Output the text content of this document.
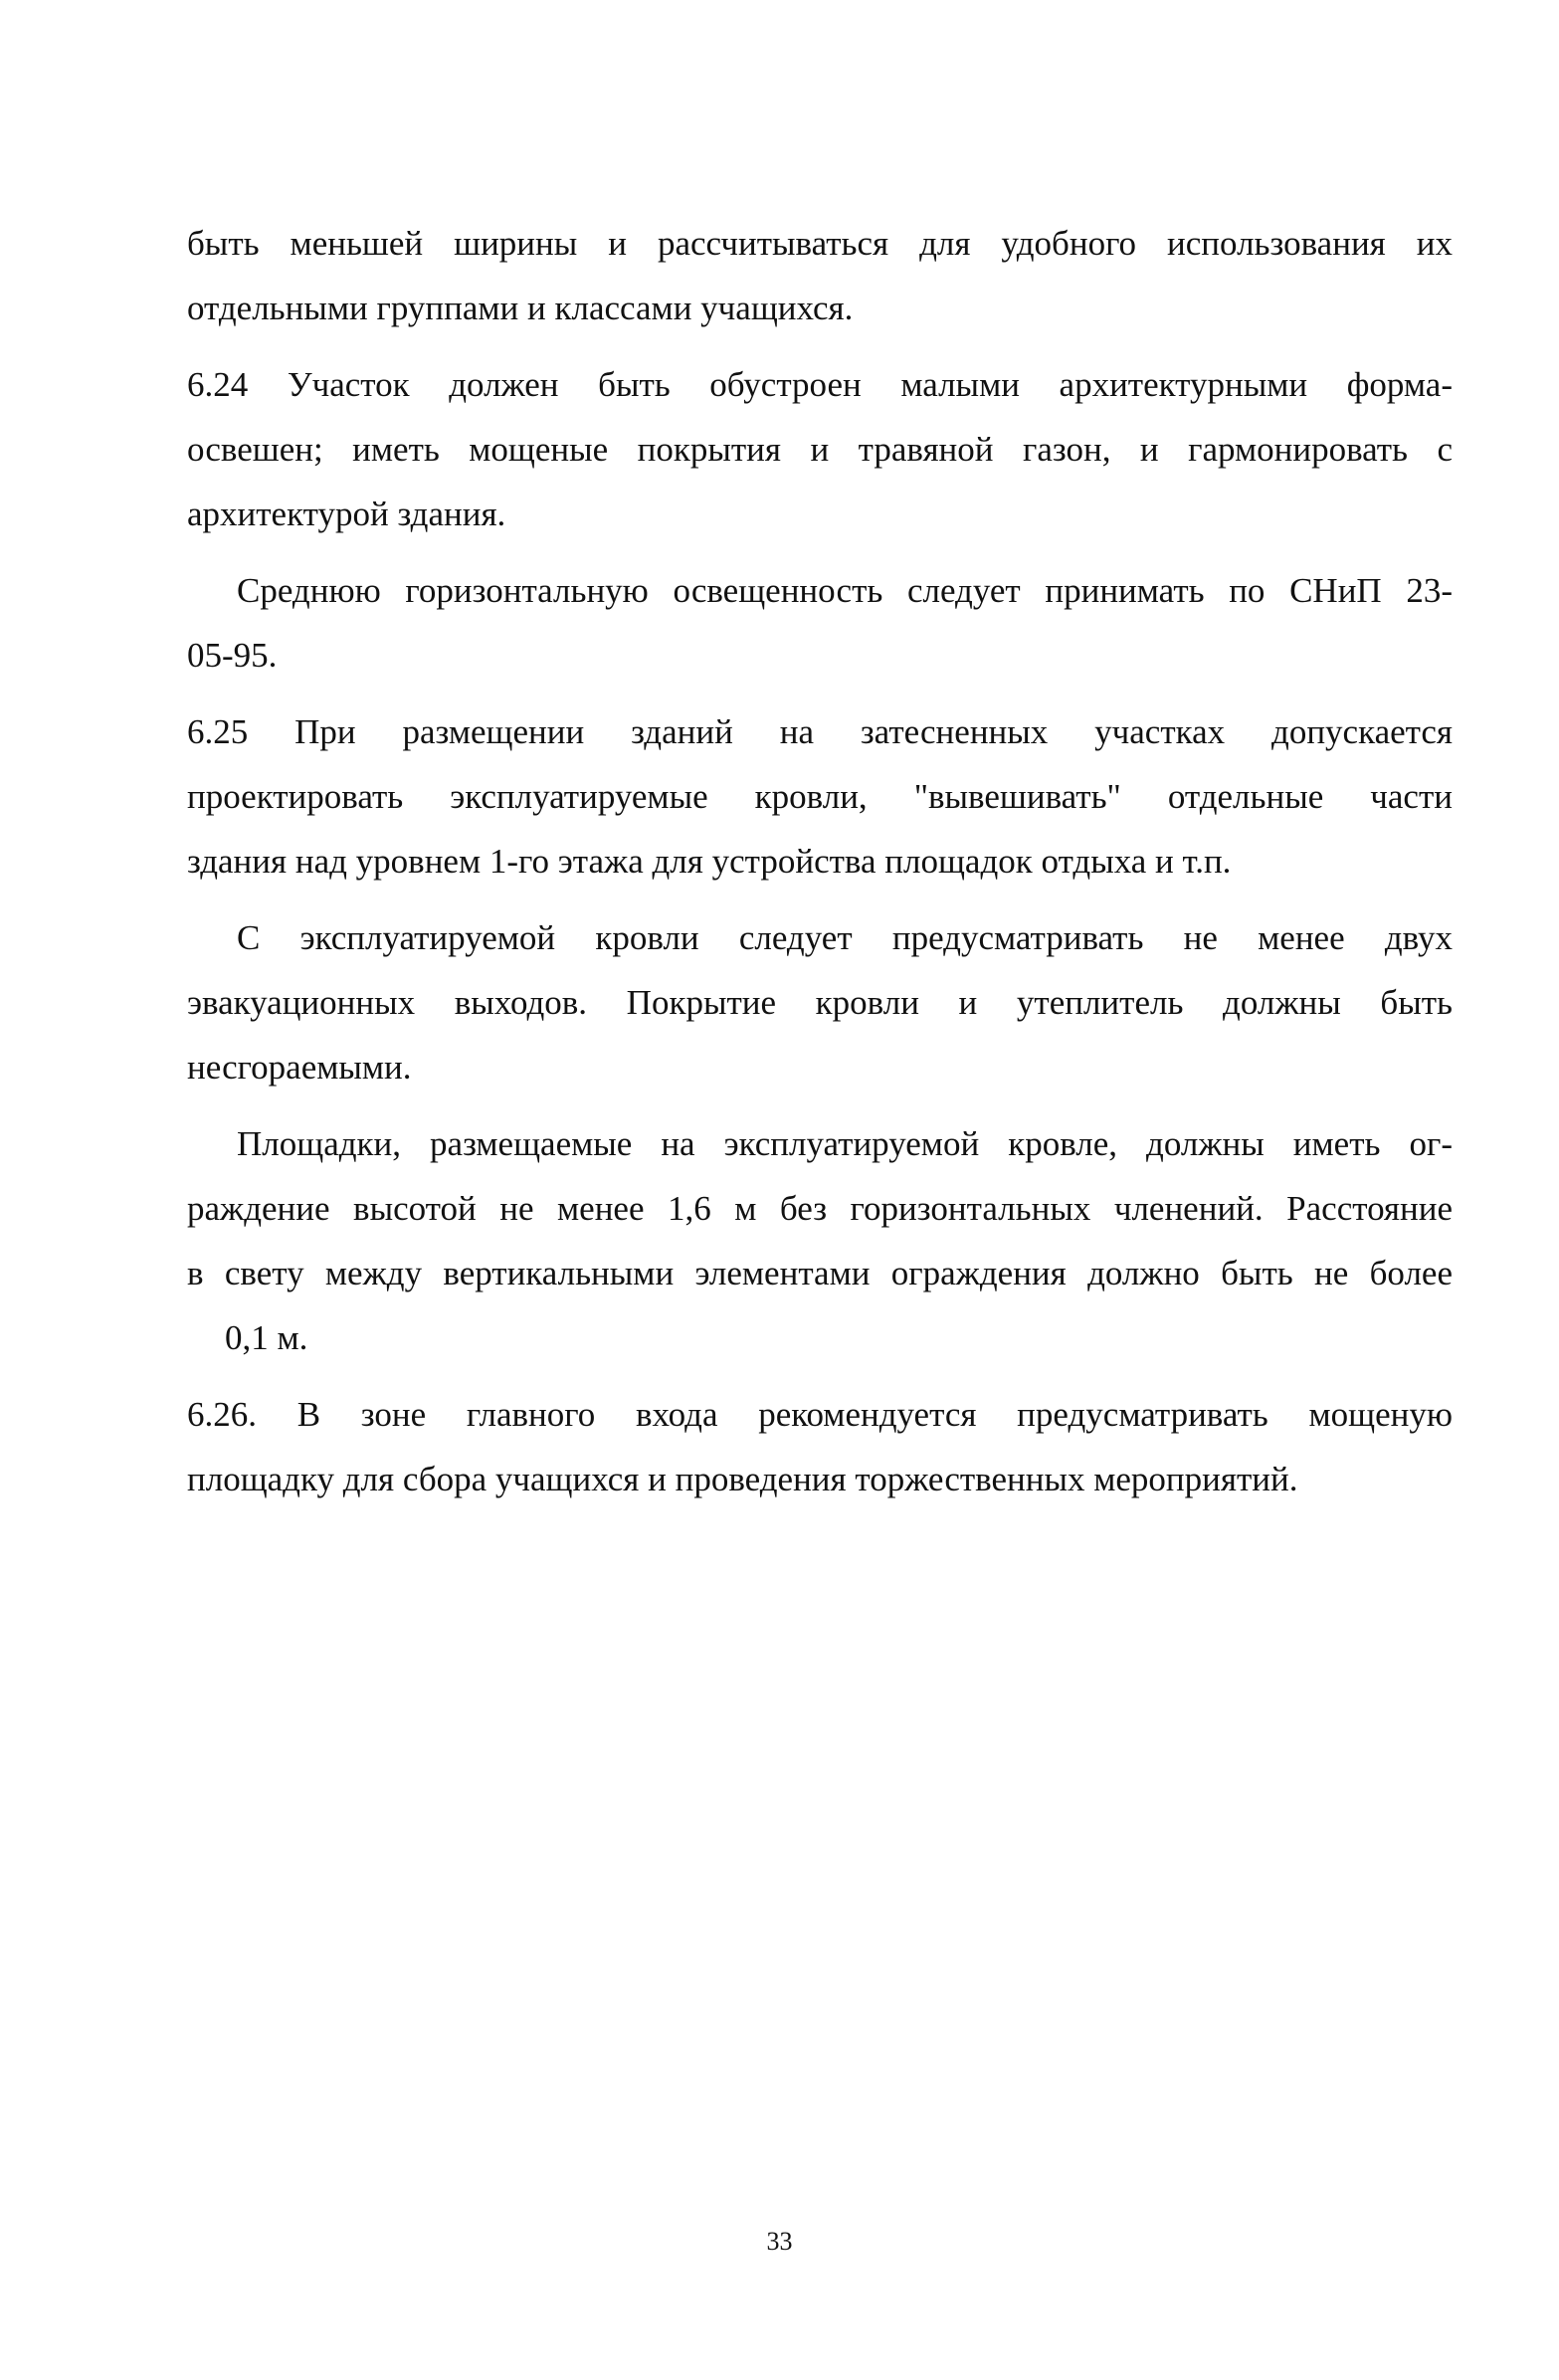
быть меньшей ширины и рассчитываться для удобного использования их
отдельными группами и классами учащихся.

6.24 Участок должен быть обустроен малыми архитектурными форма-
освешен; иметь мощеные покрытия и травяной газон, и гармонировать с
архитектурой здания.

Среднюю горизонтальную освещенность следует принимать по СНиП 23-
05-95.

6.25 При размещении зданий на затесненных участках допускается
проектировать эксплуатируемые кровли, "вывешивать" отдельные части
здания над уровнем 1-го этажа для устройства площадок отдыха и т.п.

С эксплуатируемой кровли следует предусматривать не менее двух
эвакуационных выходов. Покрытие кровли и утеплитель должны быть
несгораемыми.

Площадки, размещаемые на эксплуатируемой кровле, должны иметь ог-
раждение высотой не менее 1,6 м без горизонтальных членений. Расстояние
в свету между вертикальными элементами ограждения должно быть не более
0,1 м.

6.26. В зоне главного входа рекомендуется предусматривать мощеную
площадку для сбора учащихся и проведения торжественных мероприятий.

33
